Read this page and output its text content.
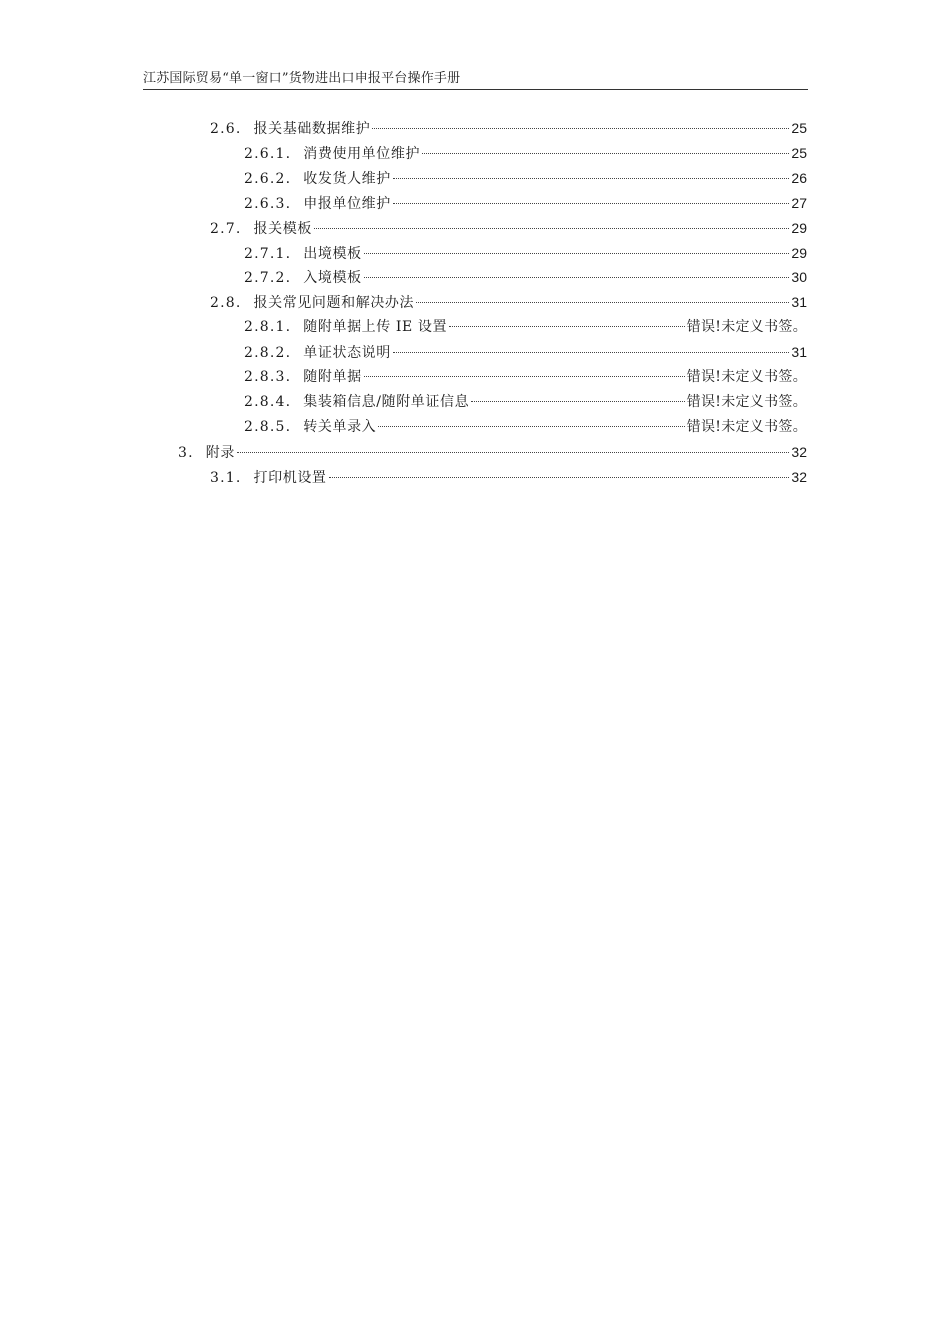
江苏国际贸易“单一窗口”货物进出口申报平台操作手册
2.6. 报关基础数据维护	25
2.6.1. 消费使用单位维护	25
2.6.2. 收发货人维护	26
2.6.3. 申报单位维护	27
2.7. 报关模板	29
2.7.1. 出境模板	29
2.7.2. 入境模板	30
2.8. 报关常见问题和解决办法	31
2.8.1. 随附单据上传 IE 设置	错误!未定义书签。
2.8.2. 单证状态说明	31
2.8.3. 随附单据	错误!未定义书签。
2.8.4. 集装箱信息/随附单证信息	错误!未定义书签。
2.8.5. 转关单录入	错误!未定义书签。
3. 附录	32
3.1. 打印机设置	32
